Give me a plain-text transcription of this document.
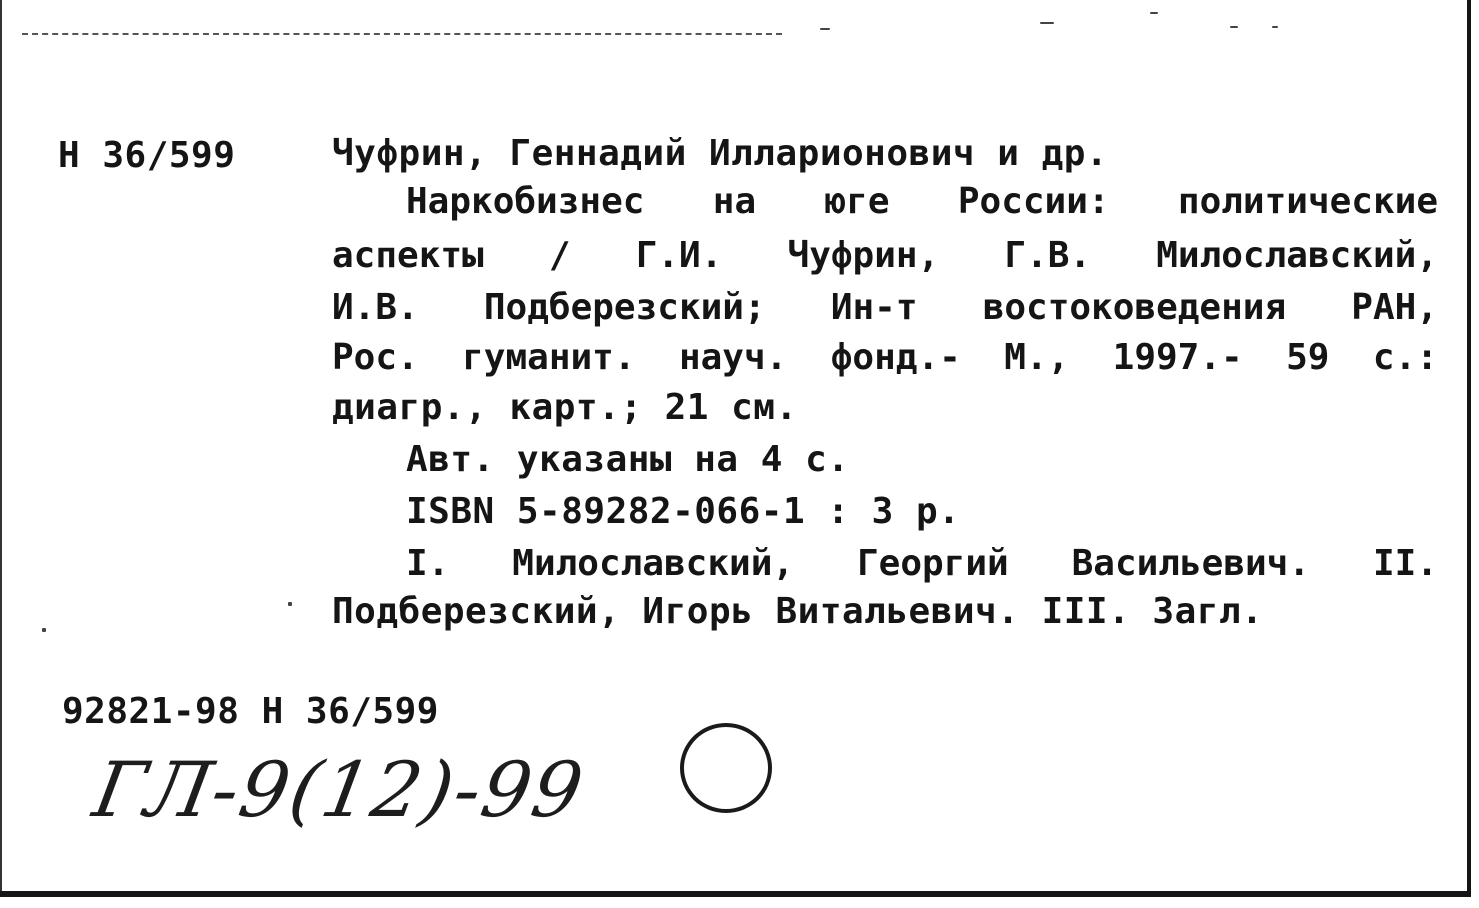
Н 36/599	Чуфрин, Геннадий Илларионович и др.
Наркобизнес на юге России: политические
аспекты / Г.И. Чуфрин, Г.В. Милославский,
И.В. Подберезский; Ин-т востоковедения РАН,
Рос. гуманит. науч. фонд.- М., 1997.- 59 с.:
диагр., карт.; 21 см.
Авт. указаны на 4 с.
ISBN 5-89282-066-1 : 3 р.
I. Милославский, Георгий Васильевич. II.
Подберезский, Игорь Витальевич. III. Загл.
92821-98 Н 36/599
ГЛ-9(12)-99
